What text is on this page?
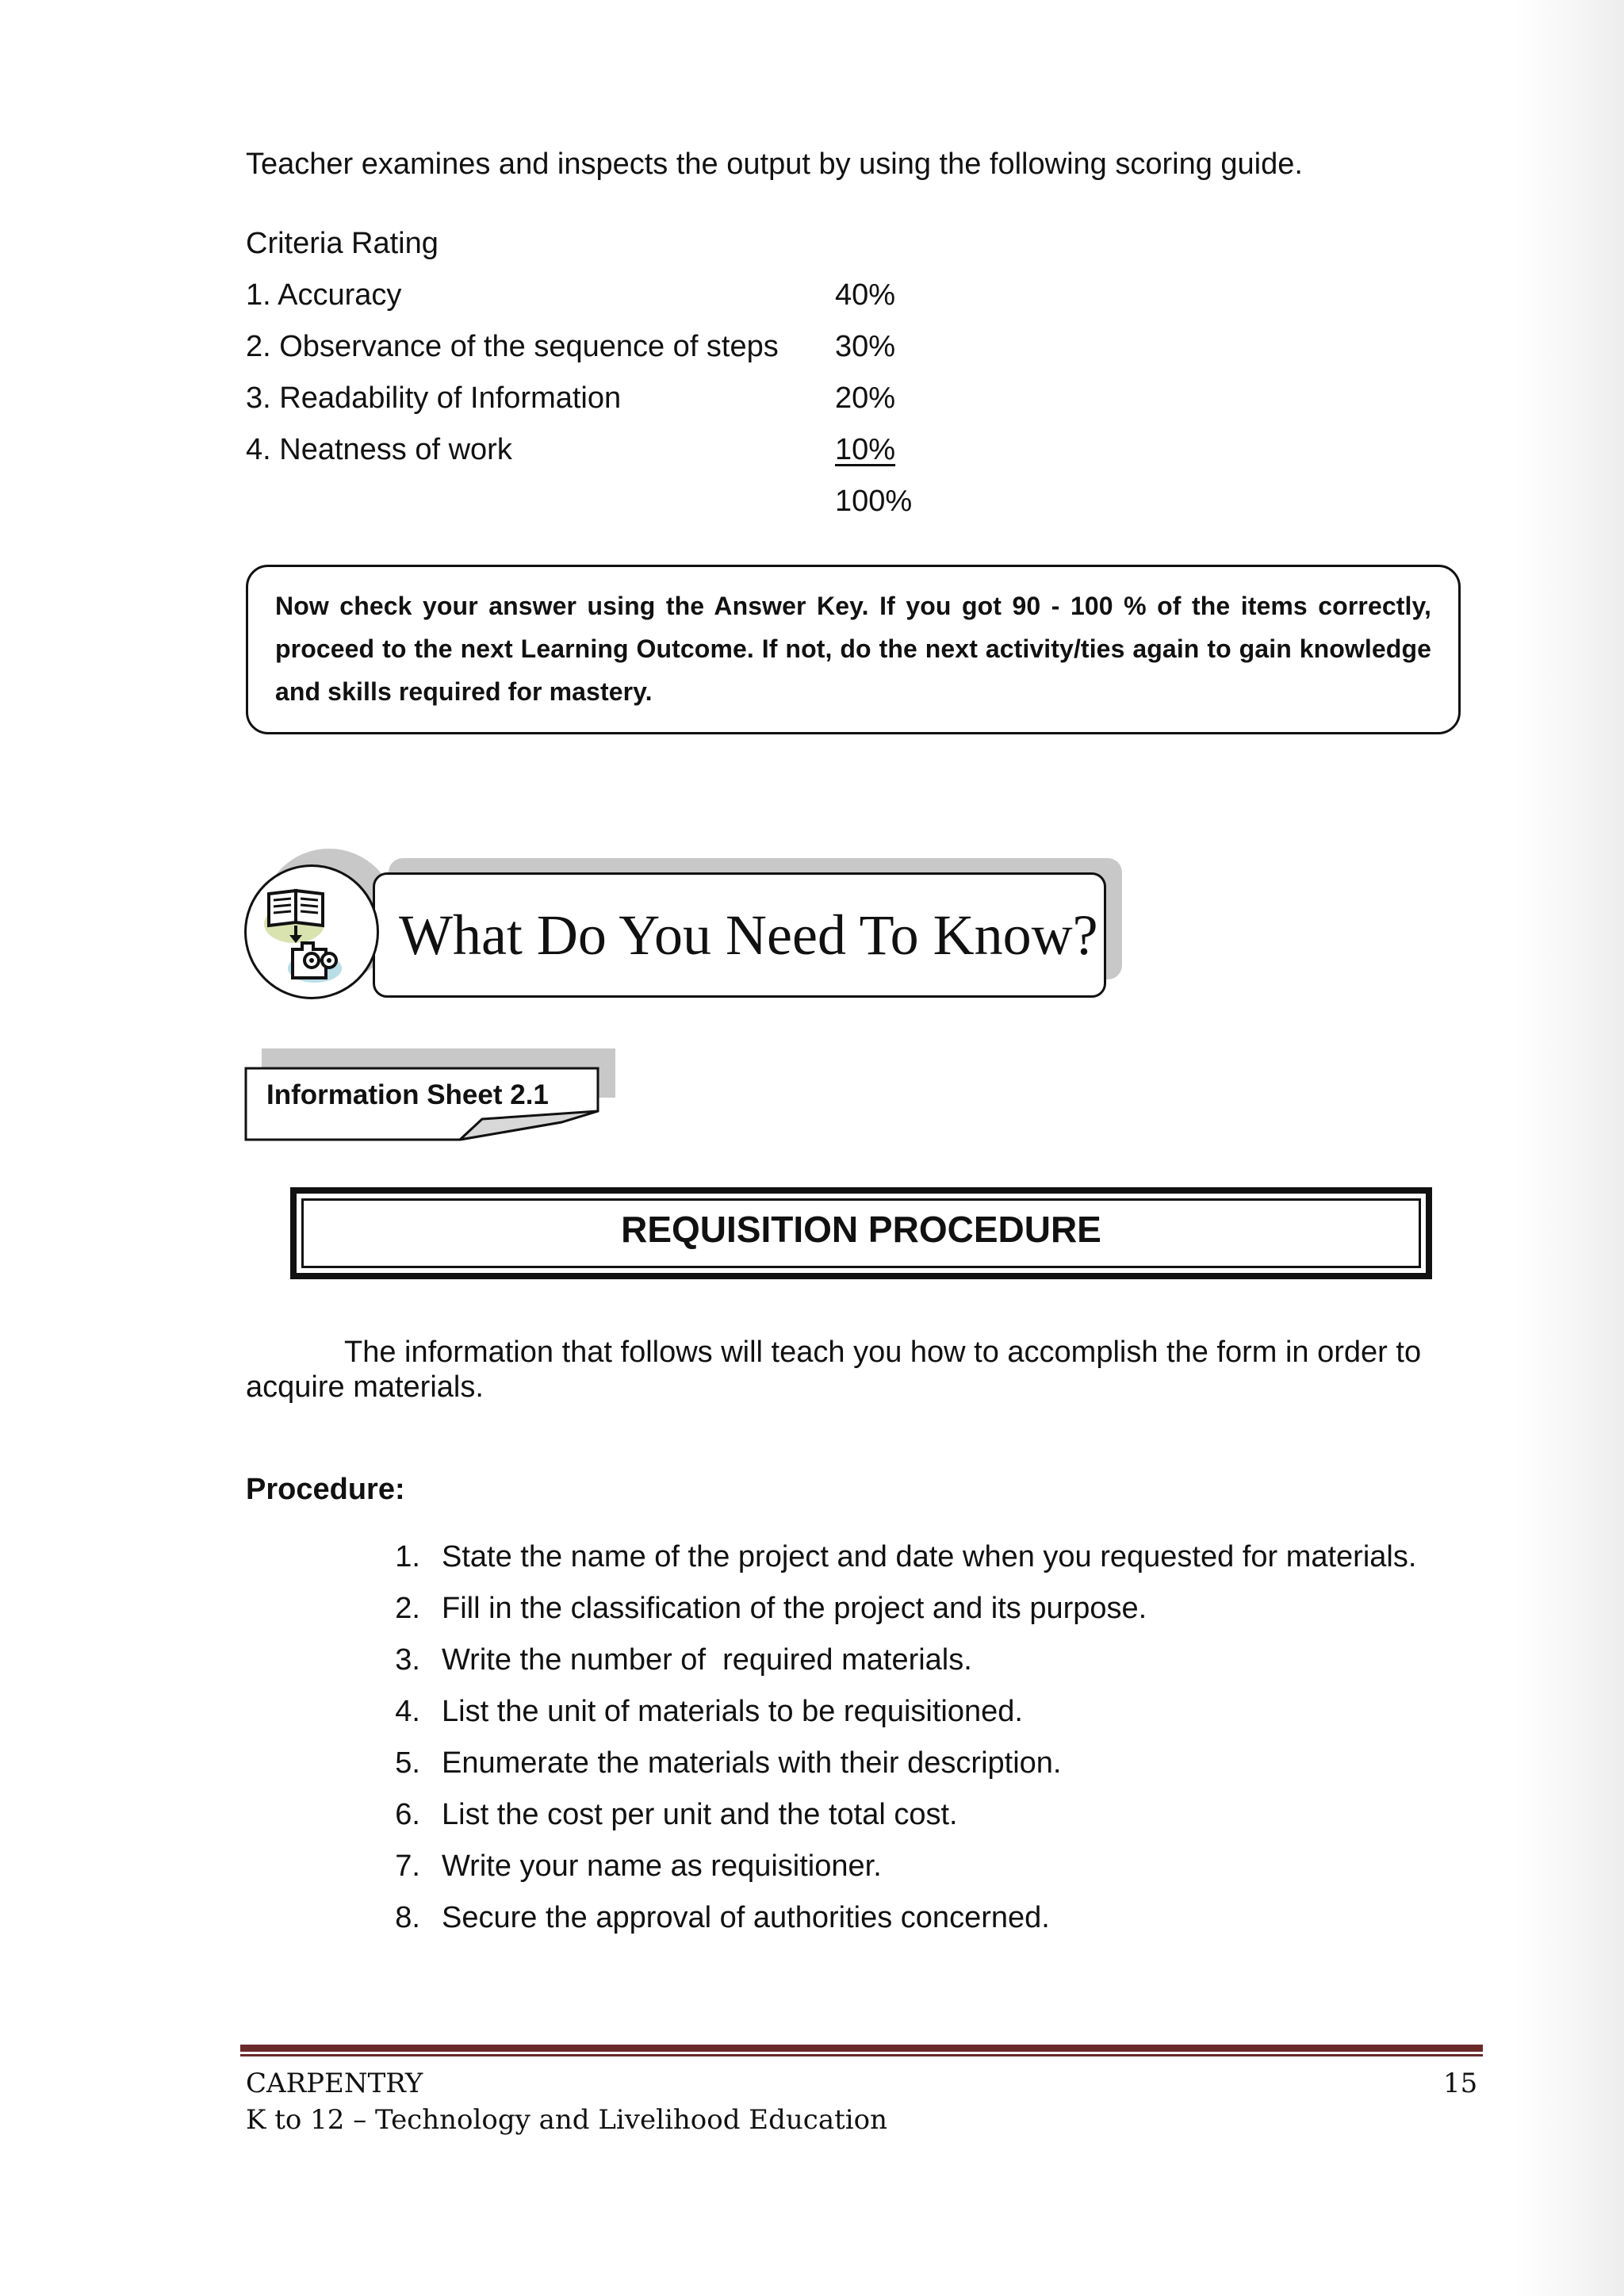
Teacher examines and inspects the output by using the following scoring guide.
Criteria Rating
1. Accuracy	40%
2. Observance of the sequence of steps 30%
3. Readability of Information	20%
4. Neatness of work	10%
100%
Now check your answer using the Answer Key. If you got 90 - 100 % of the items correctly, proceed to the next Learning Outcome. If not, do the next activity/ties again to gain knowledge and skills required for mastery.
What Do You Need To Know?
Information Sheet 2.1
REQUISITION PROCEDURE
The information that follows will teach you how to accomplish the form in order to acquire materials.
Procedure:
1. State the name of the project and date when you requested for materials.
2. Fill in the classification of the project and its purpose.
3. Write the number of  required materials.
4. List the unit of materials to be requisitioned.
5. Enumerate the materials with their description.
6. List the cost per unit and the total cost.
7. Write your name as requisitioner.
8. Secure the approval of authorities concerned.
CARPENTRY
K to 12 – Technology and Livelihood Education
15
